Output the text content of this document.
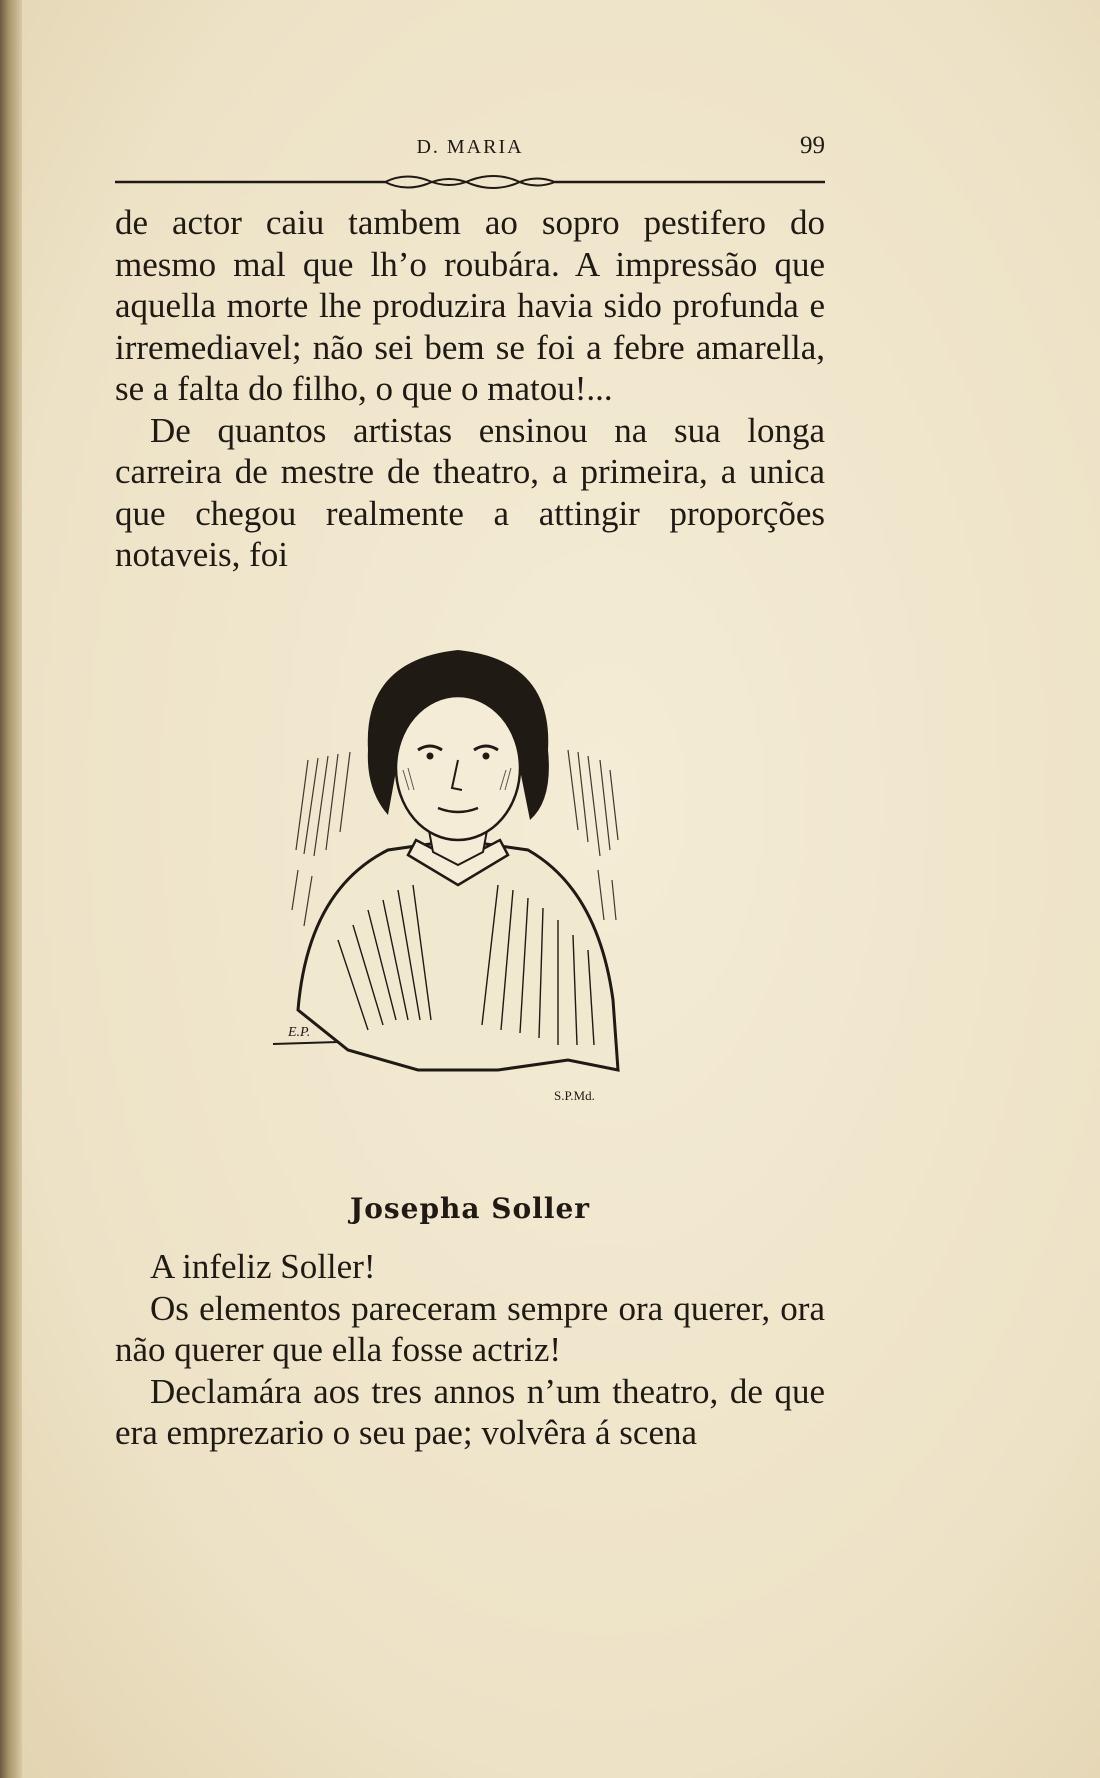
D. MARIA	99

de actor caiu tambem ao sopro pestifero do mesmo mal que lh’o roubára. A impressão que aquella morte lhe produzira havia sido profunda e irremediavel; não sei bem se foi a febre amarella, se a falta do filho, o que o matou!...

De quantos artistas ensinou na sua longa carreira de mestre de theatro, a primeira, a unica que chegou realmente a attingir proporções notaveis, foi

E.P.
S.P.Md.
Josepha Soller

A infeliz Soller!

Os elementos pareceram sempre ora querer, ora não querer que ella fosse actriz!

Declamára aos tres annos n’um theatro, de que era emprezario o seu pae; volvêra á scena
